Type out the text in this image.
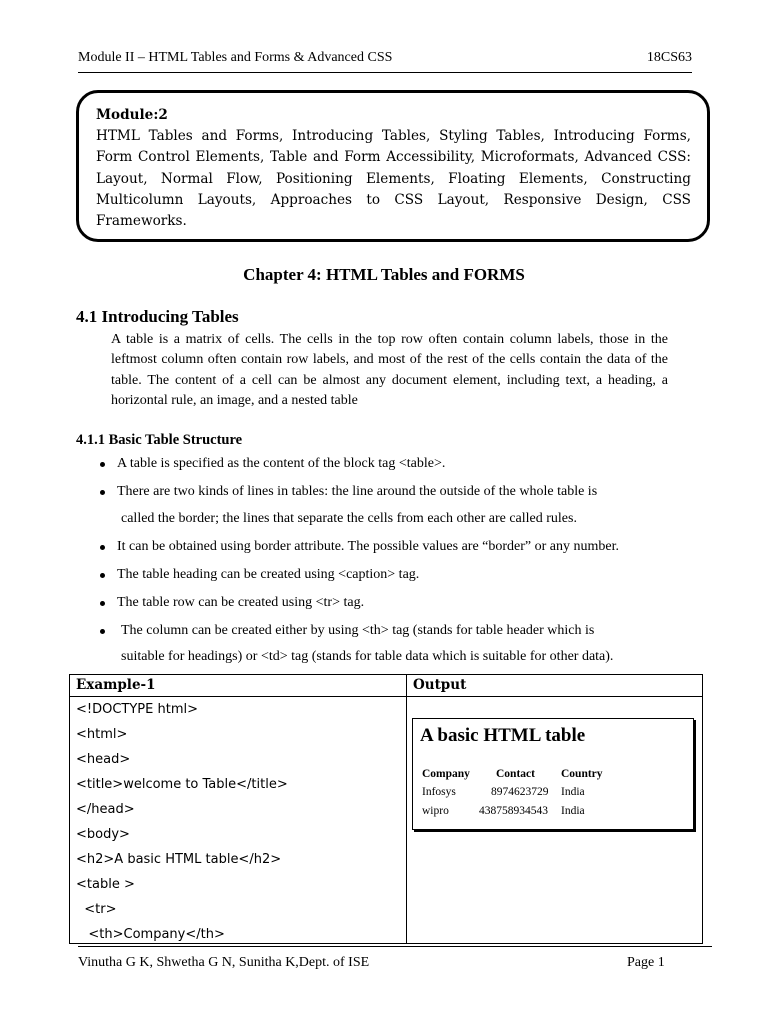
Module II – HTML Tables and Forms & Advanced CSS	18CS63
Module:2
HTML Tables and Forms, Introducing Tables, Styling Tables, Introducing Forms, Form Control Elements, Table and Form Accessibility, Microformats, Advanced CSS: Layout, Normal Flow, Positioning Elements, Floating Elements, Constructing Multicolumn Layouts, Approaches to CSS Layout, Responsive Design, CSS Frameworks.
Chapter 4: HTML Tables and FORMS
4.1 Introducing Tables
A table is a matrix of cells. The cells in the top row often contain column labels, those in the leftmost column often contain row labels, and most of the rest of the cells contain the data of the table. The content of a cell can be almost any document element, including text, a heading, a horizontal rule, an image, and a nested table
4.1.1 Basic Table Structure
A table is specified as the content of the block tag <table>.
There are two kinds of lines in tables: the line around the outside of the whole table is
called the border; the lines that separate the cells from each other are called rules.
It can be obtained using border attribute. The possible values are “border” or any number.
The table heading can be created using <caption> tag.
The table row can be created using <tr> tag.
The column can be created either by using <th> tag (stands for table header which is
suitable for headings) or <td> tag (stands for table data which is suitable for other data).
Example-1	Output
<!DOCTYPE html>
<html>
<head>
<title>welcome to Table</title>
</head>
<body>
<h2>A basic HTML table</h2>
<table >
<tr>
<th>Company</th>
A basic HTML table
Company Contact Country
Infosys	8974623729 India
wipro	438758934543 India
Vinutha G K, Shwetha G N, Sunitha K,Dept. of ISE	Page 1
